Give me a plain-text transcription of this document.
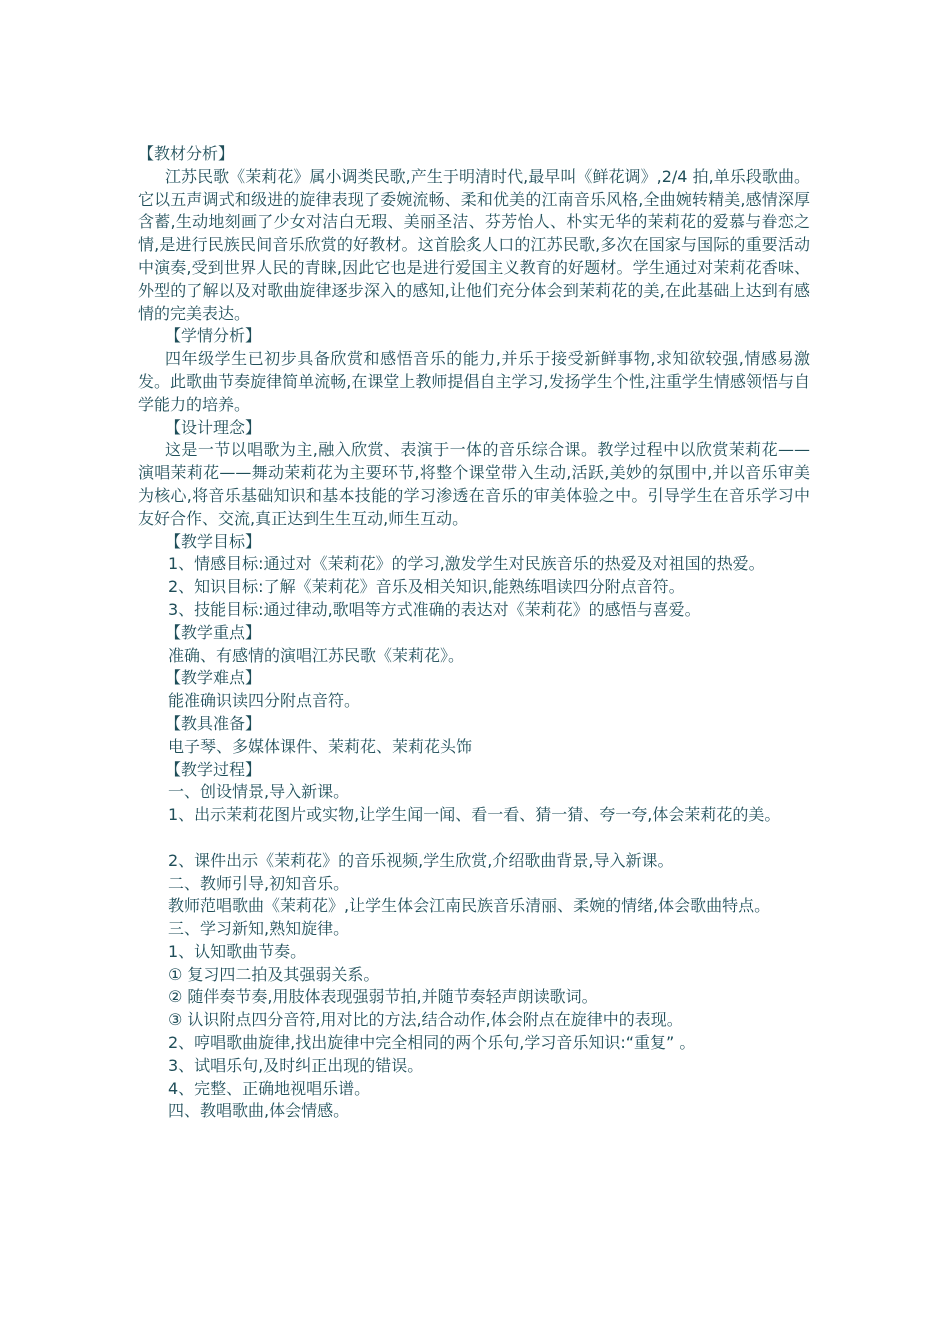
【教材分析】
江苏民歌《茉莉花》属小调类民歌,产生于明清时代,最早叫《鲜花调》,2/4 拍,单乐段歌曲。它以五声调式和级进的旋律表现了委婉流畅、柔和优美的江南音乐风格,全曲婉转精美,感情深厚含蓄,生动地刻画了少女对洁白无瑕、美丽圣洁、芬芳怡人、朴实无华的茉莉花的爱慕与眷恋之情,是进行民族民间音乐欣赏的好教材。这首脍炙人口的江苏民歌,多次在国家与国际的重要活动中演奏,受到世界人民的青睐,因此它也是进行爱国主义教育的好题材。学生通过对茉莉花香味、外型的了解以及对歌曲旋律逐步深入的感知,让他们充分体会到茉莉花的美,在此基础上达到有感情的完美表达。
【学情分析】
四年级学生已初步具备欣赏和感悟音乐的能力,并乐于接受新鲜事物,求知欲较强,情感易激发。此歌曲节奏旋律简单流畅,在课堂上教师提倡自主学习,发扬学生个性,注重学生情感领悟与自学能力的培养。
【设计理念】
这是一节以唱歌为主,融入欣赏、表演于一体的音乐综合课。教学过程中以欣赏茉莉花——演唱茉莉花——舞动茉莉花为主要环节,将整个课堂带入生动,活跃,美妙的氛围中,并以音乐审美为核心,将音乐基础知识和基本技能的学习渗透在音乐的审美体验之中。引导学生在音乐学习中友好合作、交流,真正达到生生互动,师生互动。
【教学目标】
1、情感目标:通过对《茉莉花》的学习,激发学生对民族音乐的热爱及对祖国的热爱。
2、知识目标:了解《茉莉花》音乐及相关知识,能熟练唱读四分附点音符。
3、技能目标:通过律动,歌唱等方式准确的表达对《茉莉花》的感悟与喜爱。
【教学重点】
准确、有感情的演唱江苏民歌《茉莉花》。
【教学难点】
能准确识读四分附点音符。
【教具准备】
电子琴、多媒体课件、茉莉花、茉莉花头饰
【教学过程】
一、创设情景,导入新课。
1、出示茉莉花图片或实物,让学生闻一闻、看一看、猜一猜、夸一夸,体会茉莉花的美。
2、课件出示《茉莉花》的音乐视频,学生欣赏,介绍歌曲背景,导入新课。
二、教师引导,初知音乐。
教师范唱歌曲《茉莉花》,让学生体会江南民族音乐清丽、柔婉的情绪,体会歌曲特点。
三、学习新知,熟知旋律。
1、认知歌曲节奏。
① 复习四二拍及其强弱关系。
② 随伴奏节奏,用肢体表现强弱节拍,并随节奏轻声朗读歌词。
③ 认识附点四分音符,用对比的方法,结合动作,体会附点在旋律中的表现。
2、哼唱歌曲旋律,找出旋律中完全相同的两个乐句,学习音乐知识:“重复” 。
3、试唱乐句,及时纠正出现的错误。
4、完整、正确地视唱乐谱。
四、教唱歌曲,体会情感。
